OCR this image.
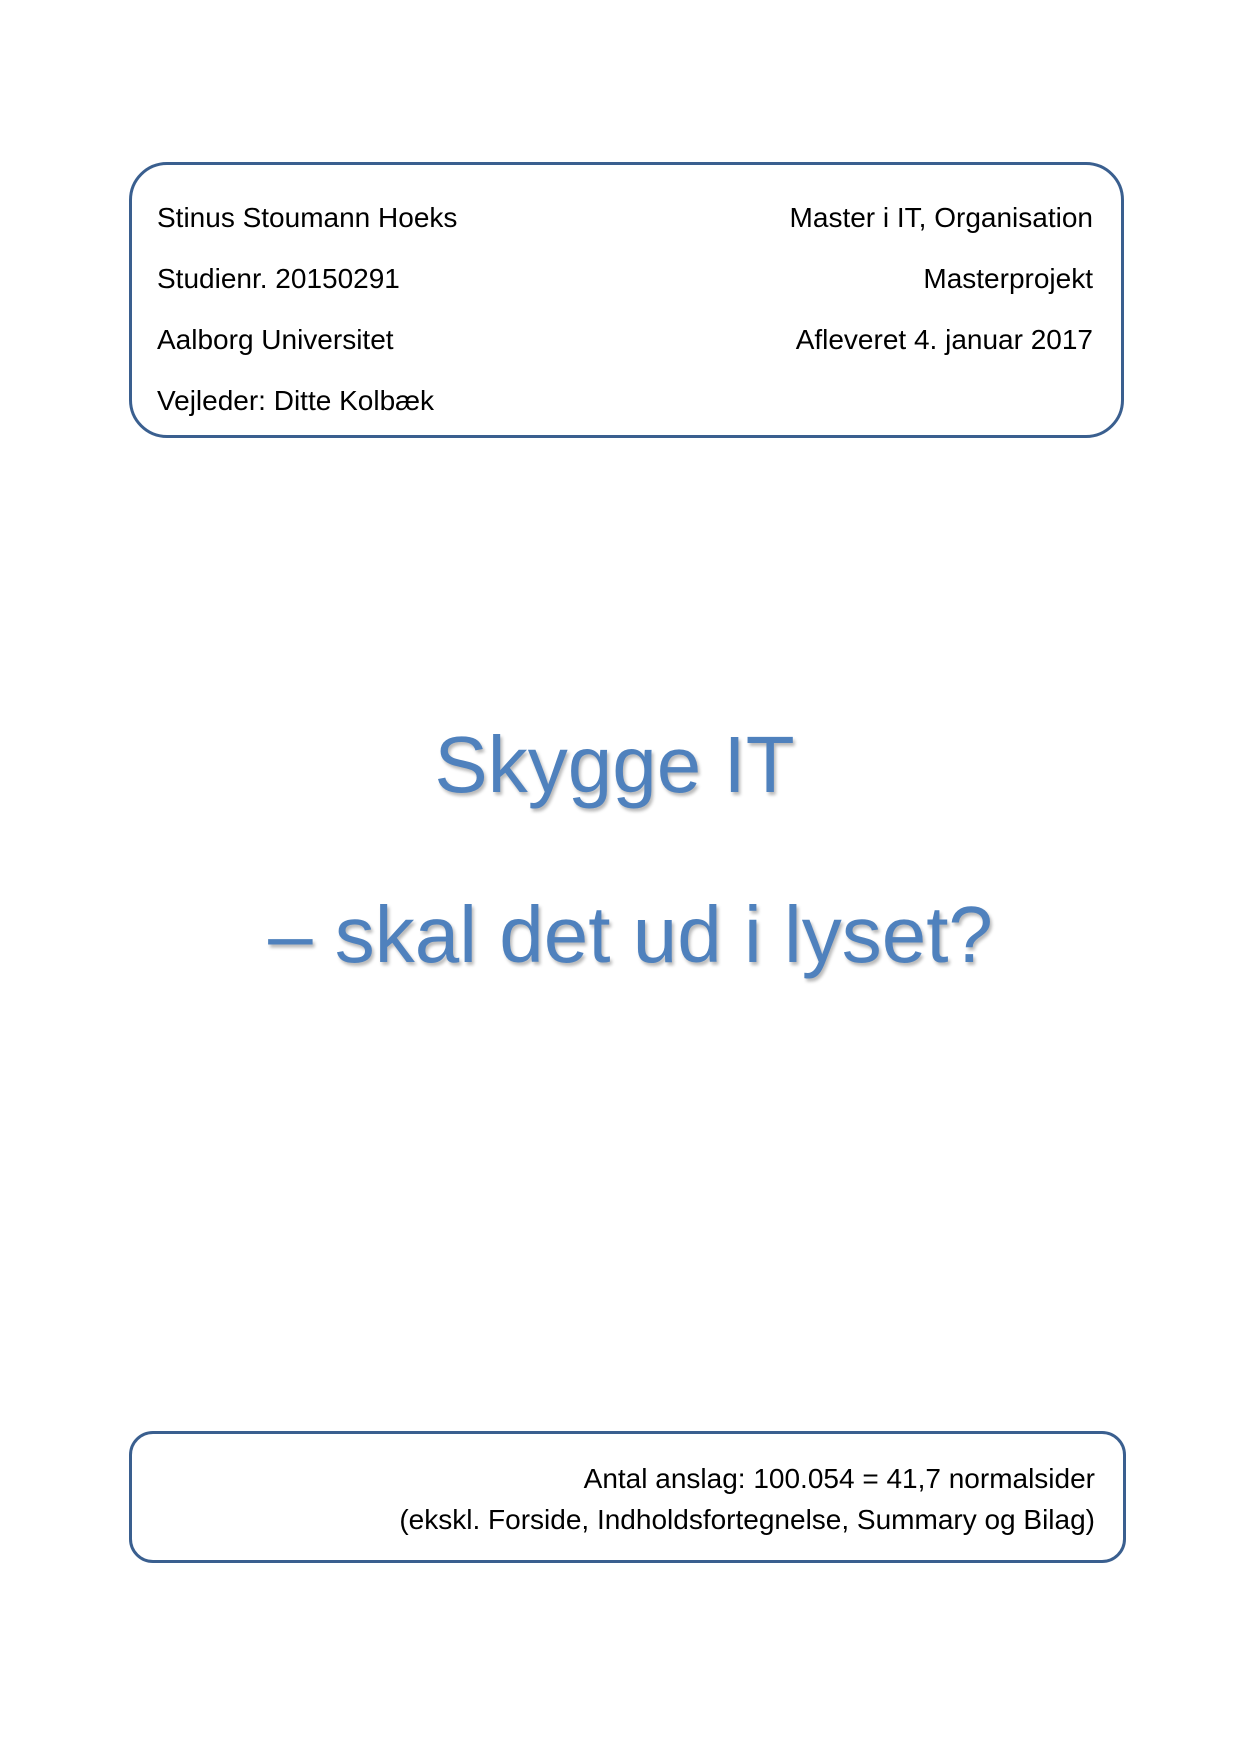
Stinus Stoumann Hoeks
Studienr. 20150291
Aalborg Universitet
Vejleder: Ditte Kolbæk
Master i IT, Organisation
Masterprojekt
Afleveret 4. januar 2017
Skygge IT
– skal det ud i lyset?
Antal anslag: 100.054 = 41,7 normalsider
(ekskl. Forside, Indholdsfortegnelse, Summary og Bilag)
